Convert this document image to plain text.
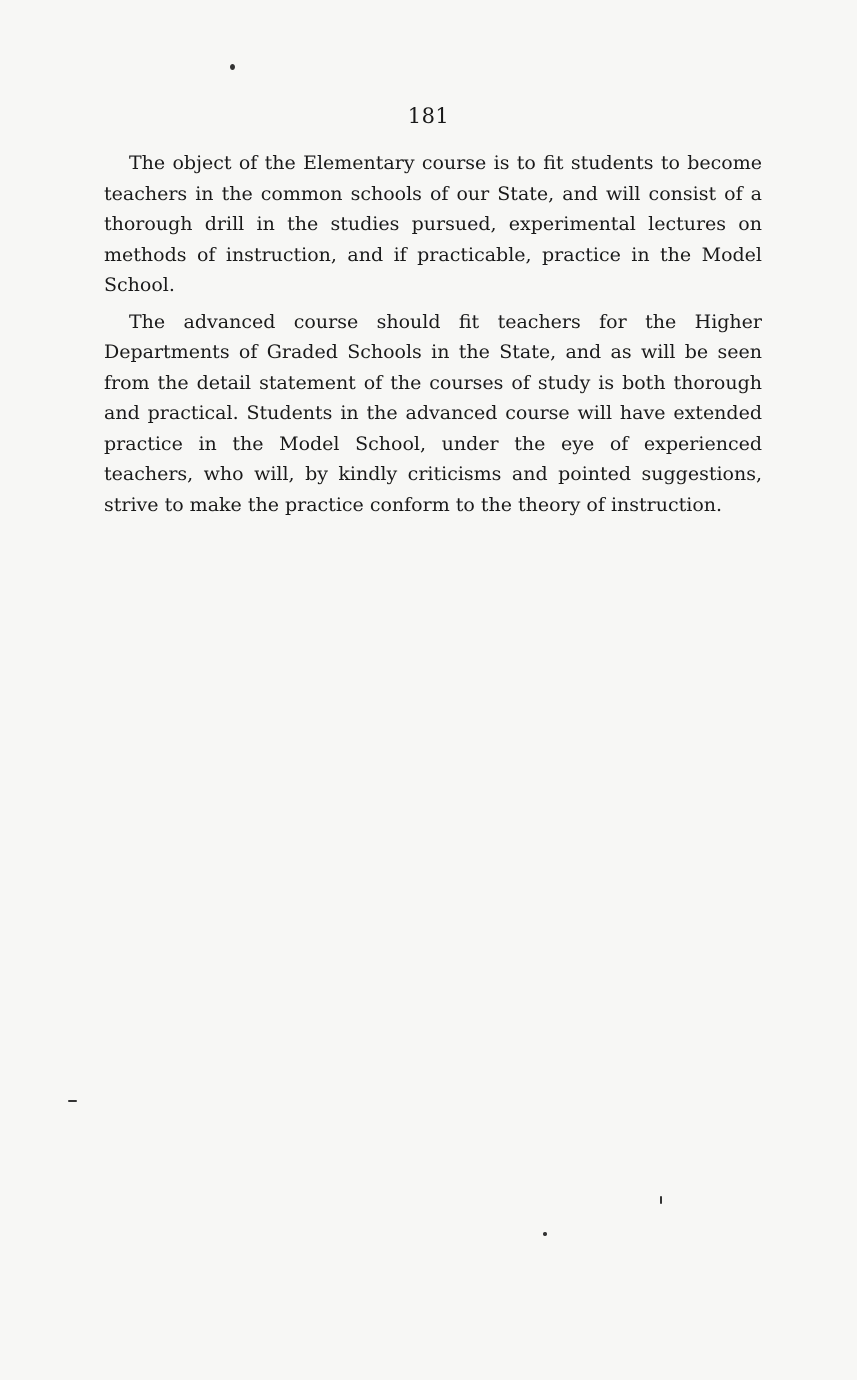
181

The object of the Elementary course is to fit students to become teachers in the common schools of our State, and will consist of a thorough drill in the studies pursued, experimental lectures on methods of instruction, and if practicable, practice in the Model School.

The advanced course should fit teachers for the Higher Departments of Graded Schools in the State, and as will be seen from the detail statement of the courses of study is both thorough and practical. Students in the advanced course will have extended practice in the Model School, under the eye of experienced teachers, who will, by kindly criticisms and pointed suggestions, strive to make the practice conform to the theory of instruction.
